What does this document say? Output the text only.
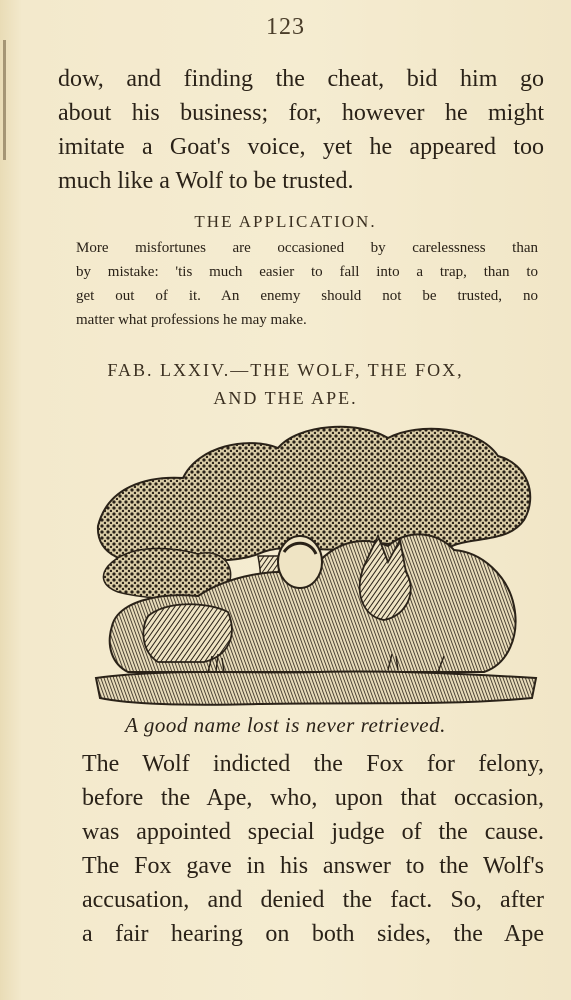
123

dow, and finding the cheat, bid him go

about his business; for, however he might

imitate a Goat's voice, yet he appeared too

much like a Wolf to be trusted.

THE APPLICATION.

More misfortunes are occasioned by carelessness than

by mistake: 'tis much easier to fall into a trap, than to

get out of it. An enemy should not be trusted, no

matter what professions he may make.

FAB. LXXIV.—THE WOLF, THE FOX,
AND THE APE.
A good name lost is never retrieved.

The Wolf indicted the Fox for felony,

before the Ape, who, upon that occasion,

was appointed special judge of the cause.

The Fox gave in his answer to the Wolf's

accusation, and denied the fact. So, after

a fair hearing on both sides, the Ape
